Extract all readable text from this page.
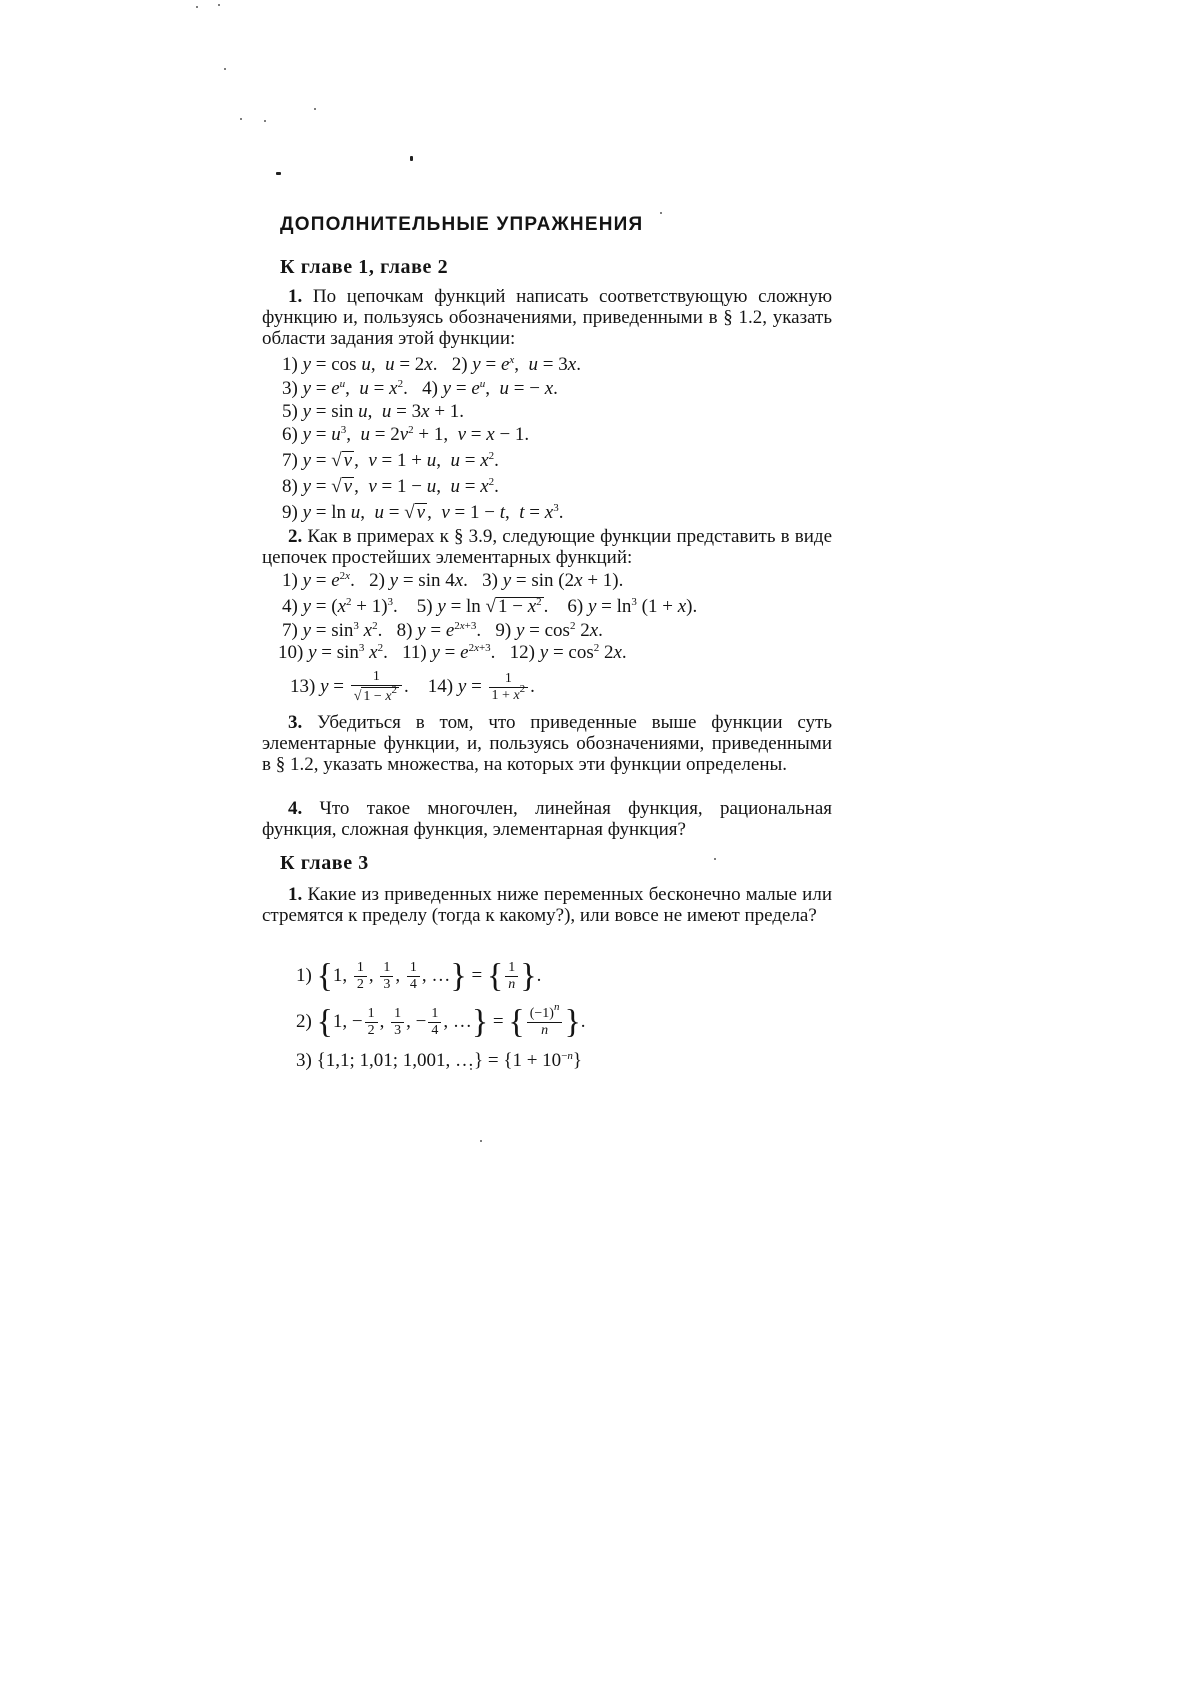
ДОПОЛНИТЕЛЬНЫЕ УПРАЖНЕНИЯ
К главе 1, главе 2
1. По цепочкам функций написать соответствующую сложную функцию и, пользуясь обозначениями, приведенными в § 1.2, указать области задания этой функции:
1) y = cos u,  u = 2x.   2) $y = e^x$,  u = 3x.
3) $y = e^u$,  $u = x^2$.   4) $y = e^u$,  u = − x.
5) y = sin u,  u = 3x + 1.
6) $y = u^3$,  $u = 2v^2 + 1$,  v = x − 1.
7) y = √ v ,  v = 1 + u,  $u = x^2$.
8) y = √ v ,  v = 1 − u,  $u = x^2$.
9) y = ln u,  u = √ v ,  v = 1 − t,  $t = x^3$.
2. Как в примерах к § 3.9, следующие функции представить в виде цепочек простейших элементарных функций:
1) $y = e^{2x}$.   2) y = sin 4x.   3) y = sin (2x + 1).
4) $y = (x^2 + 1)^3$.    5) y = ln √ $1 - x^2$ .    6) $y = \ln^3 (1 + x)$.
7) $y = \sin^3 x^2$.   8) $y = e^{2x+3}$.   9) $y = \cos^2 2x$.
10) $y = \sin^3 x^2$.   11) $y = e^{2x+3}$.   12) $y = \cos^2 2x$.
13) $y = \frac{1}{√ 1 - x^2}$ .    14) $y = \frac{1}{1 + x^2}$ .
3. Убедиться в том, что приведенные выше функции суть элементарные функции, и, пользуясь обозначениями, приведенными в § 1.2, указать множества, на которых эти функции определены.
4. Что такое многочлен, линейная функция, рациональная функция, сложная функция, элементарная функция?
К главе 3
1. Какие из приведенных ниже переменных бесконечно малые или стремятся к пределу (тогда к какому?), или вовсе не имеют предела?
1) {1, $\frac{1}{2}$ , $\frac{1}{3}$ , $\frac{1}{4}$ , …} = { $\frac{1}{n}$ }.
2) {1, − $\frac{1}{2}$ , $\frac{1}{3}$ , − $\frac{1}{4}$ , …} = { $\frac{(-1)^n}{n}$ }.
3) {1,1; 1,01; 1,001, …} = $\{1 + 10^{-n}\}$
